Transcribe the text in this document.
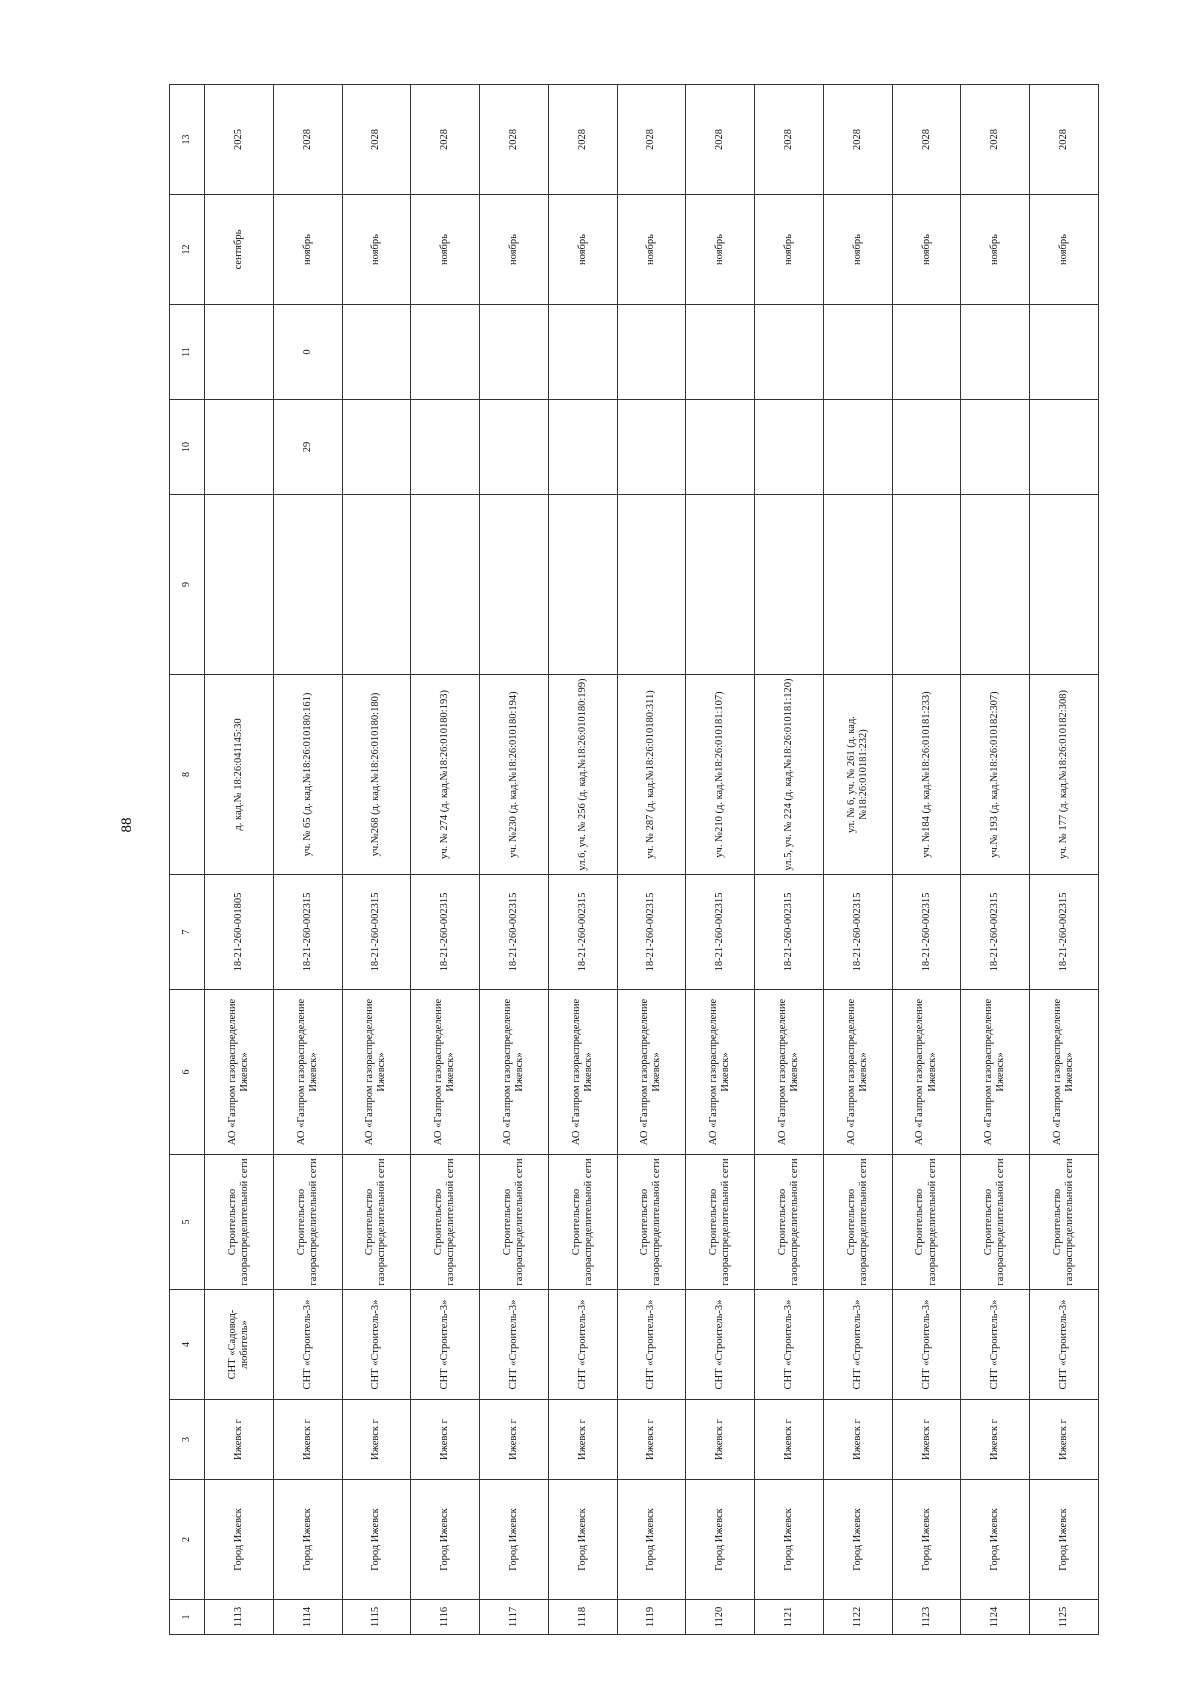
88
1	2	3	4	5	6	7	8	9	10	11	12	13
1113	Город Ижевск	Ижевск г	СНТ «Садовод-любитель»	Строительство газораспределительной сети	АО «Газпром газораспределение Ижевск»	18-21-260-001805	д. кад.№ 18:26:041145:30				сентябрь	2025
1114	Город Ижевск	Ижевск г	СНТ «Строитель-3»	Строительство газораспределительной сети	АО «Газпром газораспределение Ижевск»	18-21-260-002315	уч. № 65 (д. кад.№18:26:010180:161)		29	0	ноябрь	2028
1115	Город Ижевск	Ижевск г	СНТ «Строитель-3»	Строительство газораспределительной сети	АО «Газпром газораспределение Ижевск»	18-21-260-002315	уч.№268 (д. кад.№18:26:010180:180)				ноябрь	2028
1116	Город Ижевск	Ижевск г	СНТ «Строитель-3»	Строительство газораспределительной сети	АО «Газпром газораспределение Ижевск»	18-21-260-002315	уч. № 274 (д. кад.№18:26:010180:193)				ноябрь	2028
1117	Город Ижевск	Ижевск г	СНТ «Строитель-3»	Строительство газораспределительной сети	АО «Газпром газораспределение Ижевск»	18-21-260-002315	уч. №230 (д. кад.№18:26:010180:194)				ноябрь	2028
1118	Город Ижевск	Ижевск г	СНТ «Строитель-3»	Строительство газораспределительной сети	АО «Газпром газораспределение Ижевск»	18-21-260-002315	ул.6, уч. № 256 (д. кад.№18:26:010180:199)				ноябрь	2028
1119	Город Ижевск	Ижевск г	СНТ «Строитель-3»	Строительство газораспределительной сети	АО «Газпром газораспределение Ижевск»	18-21-260-002315	уч. № 287 (д. кад.№18:26:010180:311)				ноябрь	2028
1120	Город Ижевск	Ижевск г	СНТ «Строитель-3»	Строительство газораспределительной сети	АО «Газпром газораспределение Ижевск»	18-21-260-002315	уч. №210 (д. кад.№18:26:010181:107)				ноябрь	2028
1121	Город Ижевск	Ижевск г	СНТ «Строитель-3»	Строительство газораспределительной сети	АО «Газпром газораспределение Ижевск»	18-21-260-002315	ул.5, уч. № 224 (д. кад.№18:26:010181:120)				ноябрь	2028
1122	Город Ижевск	Ижевск г	СНТ «Строитель-3»	Строительство газораспределительной сети	АО «Газпром газораспределение Ижевск»	18-21-260-002315	ул. № 6, уч. № 261 (д. кад.№18:26:010181:232)				ноябрь	2028
1123	Город Ижевск	Ижевск г	СНТ «Строитель-3»	Строительство газораспределительной сети	АО «Газпром газораспределение Ижевск»	18-21-260-002315	уч. №184 (д. кад.№18:26:010181:233)				ноябрь	2028
1124	Город Ижевск	Ижевск г	СНТ «Строитель-3»	Строительство газораспределительной сети	АО «Газпром газораспределение Ижевск»	18-21-260-002315	уч.№ 193 (д. кад.№18:26:010182:307)				ноябрь	2028
1125	Город Ижевск	Ижевск г	СНТ «Строитель-3»	Строительство газораспределительной сети	АО «Газпром газораспределение Ижевск»	18-21-260-002315	уч. № 177 (д. кад.№18:26:010182:308)				ноябрь	2028
